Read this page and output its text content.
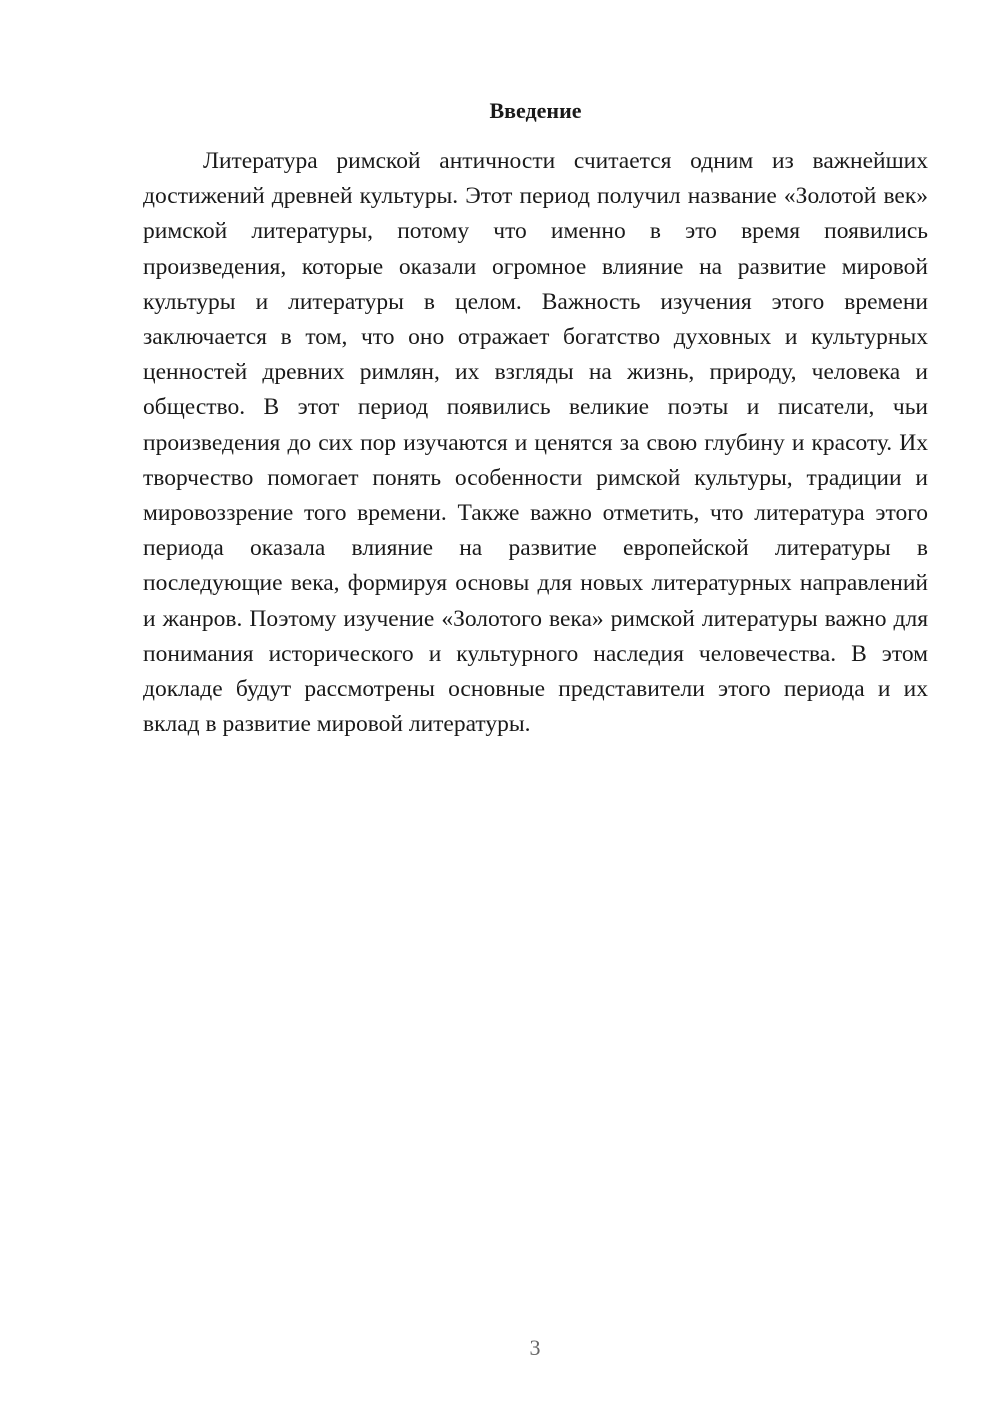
Введение

Литература римской античности считается одним из важнейших достижений древней культуры. Этот период получил название «Золотой век» римской литературы, потому что именно в это время появились произведения, которые оказали огромное влияние на развитие мировой культуры и литературы в целом. Важность изучения этого времени заключается в том, что оно отражает богатство духовных и культурных ценностей древних римлян, их взгляды на жизнь, природу, человека и общество. В этот период появились великие поэты и писатели, чьи произведения до сих пор изучаются и ценятся за свою глубину и красоту. Их творчество помогает понять особенности римской культуры, традиции и мировоззрение того времени. Также важно отметить, что литература этого периода оказала влияние на развитие европейской литературы в последующие века, формируя основы для новых литературных направлений и жанров. Поэтому изучение «Золотого века» римской литературы важно для понимания исторического и культурного наследия человечества. В этом докладе будут рассмотрены основные представители этого периода и их вклад в развитие мировой литературы.

3
